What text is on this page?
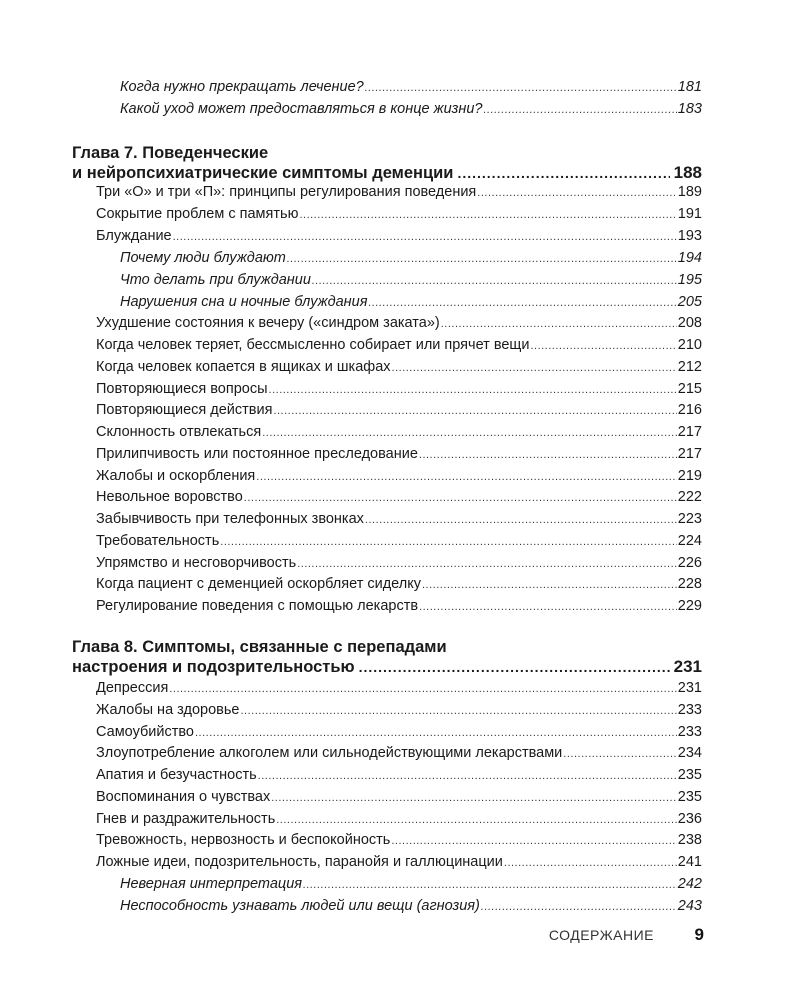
Когда нужно прекращать лечение? .....	181
Какой уход может предоставляться в конце жизни? .....	183
Глава 7. Поведенческие
и нейропсихиатрические симптомы деменции .....	188
Три «О» и три «П»: принципы регулирования поведения .....	189
Сокрытие проблем с памятью .....	191
Блуждание .....	193
Почему люди блуждают .....	194
Что делать при блуждании .....	195
Нарушения сна и ночные блуждания .....	205
Ухудшение состояния к вечеру («синдром заката») .....	208
Когда человек теряет, бессмысленно собирает или прячет вещи .....	210
Когда человек копается в ящиках и шкафах .....	212
Повторяющиеся вопросы .....	215
Повторяющиеся действия .....	216
Склонность отвлекаться .....	217
Прилипчивость или постоянное преследование .....	217
Жалобы и оскорбления .....	219
Невольное воровство .....	222
Забывчивость при телефонных звонках .....	223
Требовательность .....	224
Упрямство и несговорчивость .....	226
Когда пациент с деменцией оскорбляет сиделку .....	228
Регулирование поведения с помощью лекарств .....	229
Глава 8. Симптомы, связанные с перепадами
настроения и подозрительностью .....	231
Депрессия .....	231
Жалобы на здоровье .....	233
Самоубийство .....	233
Злоупотребление алкоголем или сильнодействующими лекарствами .....	234
Апатия и безучастность .....	235
Воспоминания о чувствах .....	235
Гнев и раздражительность .....	236
Тревожность, нервозность и беспокойность .....	238
Ложные идеи, подозрительность, паранойя и галлюцинации .....	241
Неверная интерпретация .....	242
Неспособность узнавать людей или вещи (агнозия) .....	243
СОДЕРЖАНИЕ 9
